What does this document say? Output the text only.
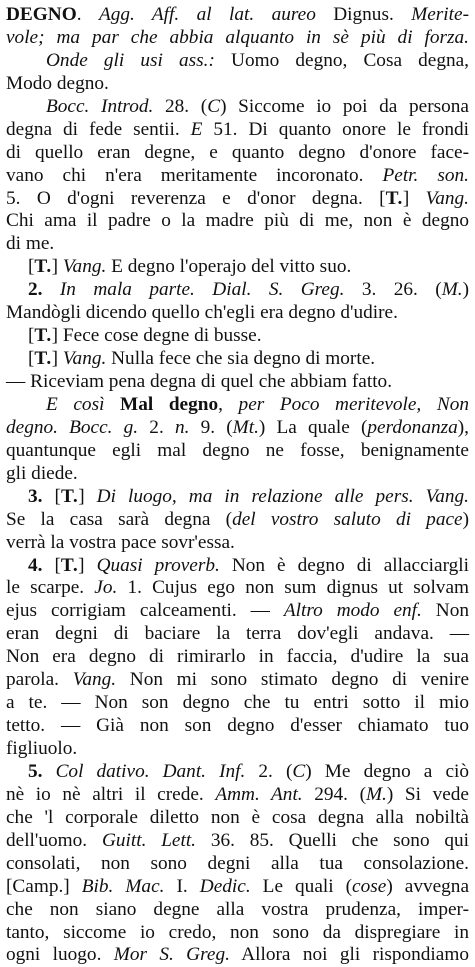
DEGNO. Agg. Aff. al lat. aureo Dignus. Merite-
vole; ma par che abbia alquanto in sè più di forza.
Onde gli usi ass.: Uomo degno, Cosa degna,
Modo degno.
Bocc. Introd. 28. (C) Siccome io poi da persona
degna di fede sentii. E 51. Di quanto onore le frondi
di quello eran degne, e quanto degno d'onore face-
vano chi n'era meritamente incoronato. Petr. son.
5. O d'ogni reverenza e d'onor degna. [T.] Vang.
Chi ama il padre o la madre più di me, non è degno
di me.
[T.] Vang. E degno l'operajo del vitto suo.
2. In mala parte. Dial. S. Greg. 3. 26. (M.)
Mandògli dicendo quello ch'egli era degno d'udire.
[T.] Fece cose degne di busse.
[T.] Vang. Nulla fece che sia degno di morte.
— Riceviam pena degna di quel che abbiam fatto.
E così Mal degno, per Poco meritevole, Non
degno. Bocc. g. 2. n. 9. (Mt.) La quale (perdonanza),
quantunque egli mal degno ne fosse, benignamente
gli diede.
3. [T.] Di luogo, ma in relazione alle pers. Vang.
Se la casa sarà degna (del vostro saluto di pace)
verrà la vostra pace sovr'essa.
4. [T.] Quasi proverb. Non è degno di allacciargli
le scarpe. Jo. 1. Cujus ego non sum dignus ut solvam
ejus corrigiam calceamenti. — Altro modo enf. Non
eran degni di baciare la terra dov'egli andava. —
Non era degno di rimirarlo in faccia, d'udire la sua
parola. Vang. Non mi sono stimato degno di venire
a te. — Non son degno che tu entri sotto il mio
tetto. — Già non son degno d'esser chiamato tuo
figliuolo.
5. Col dativo. Dant. Inf. 2. (C) Me degno a ciò
nè io nè altri il crede. Amm. Ant. 294. (M.) Si vede
che 'l corporale diletto non è cosa degna alla nobiltà
dell'uomo. Guitt. Lett. 36. 85. Quelli che sono qui
consolati, non sono degni alla tua consolazione.
[Camp.] Bib. Mac. I. Dedic. Le quali (cose) avvegna
che non siano degne alla vostra prudenza, imper-
tanto, siccome io credo, non sono da dispregiare in
ogni luogo. Mor S. Greg. Allora noi gli rispondiamo
